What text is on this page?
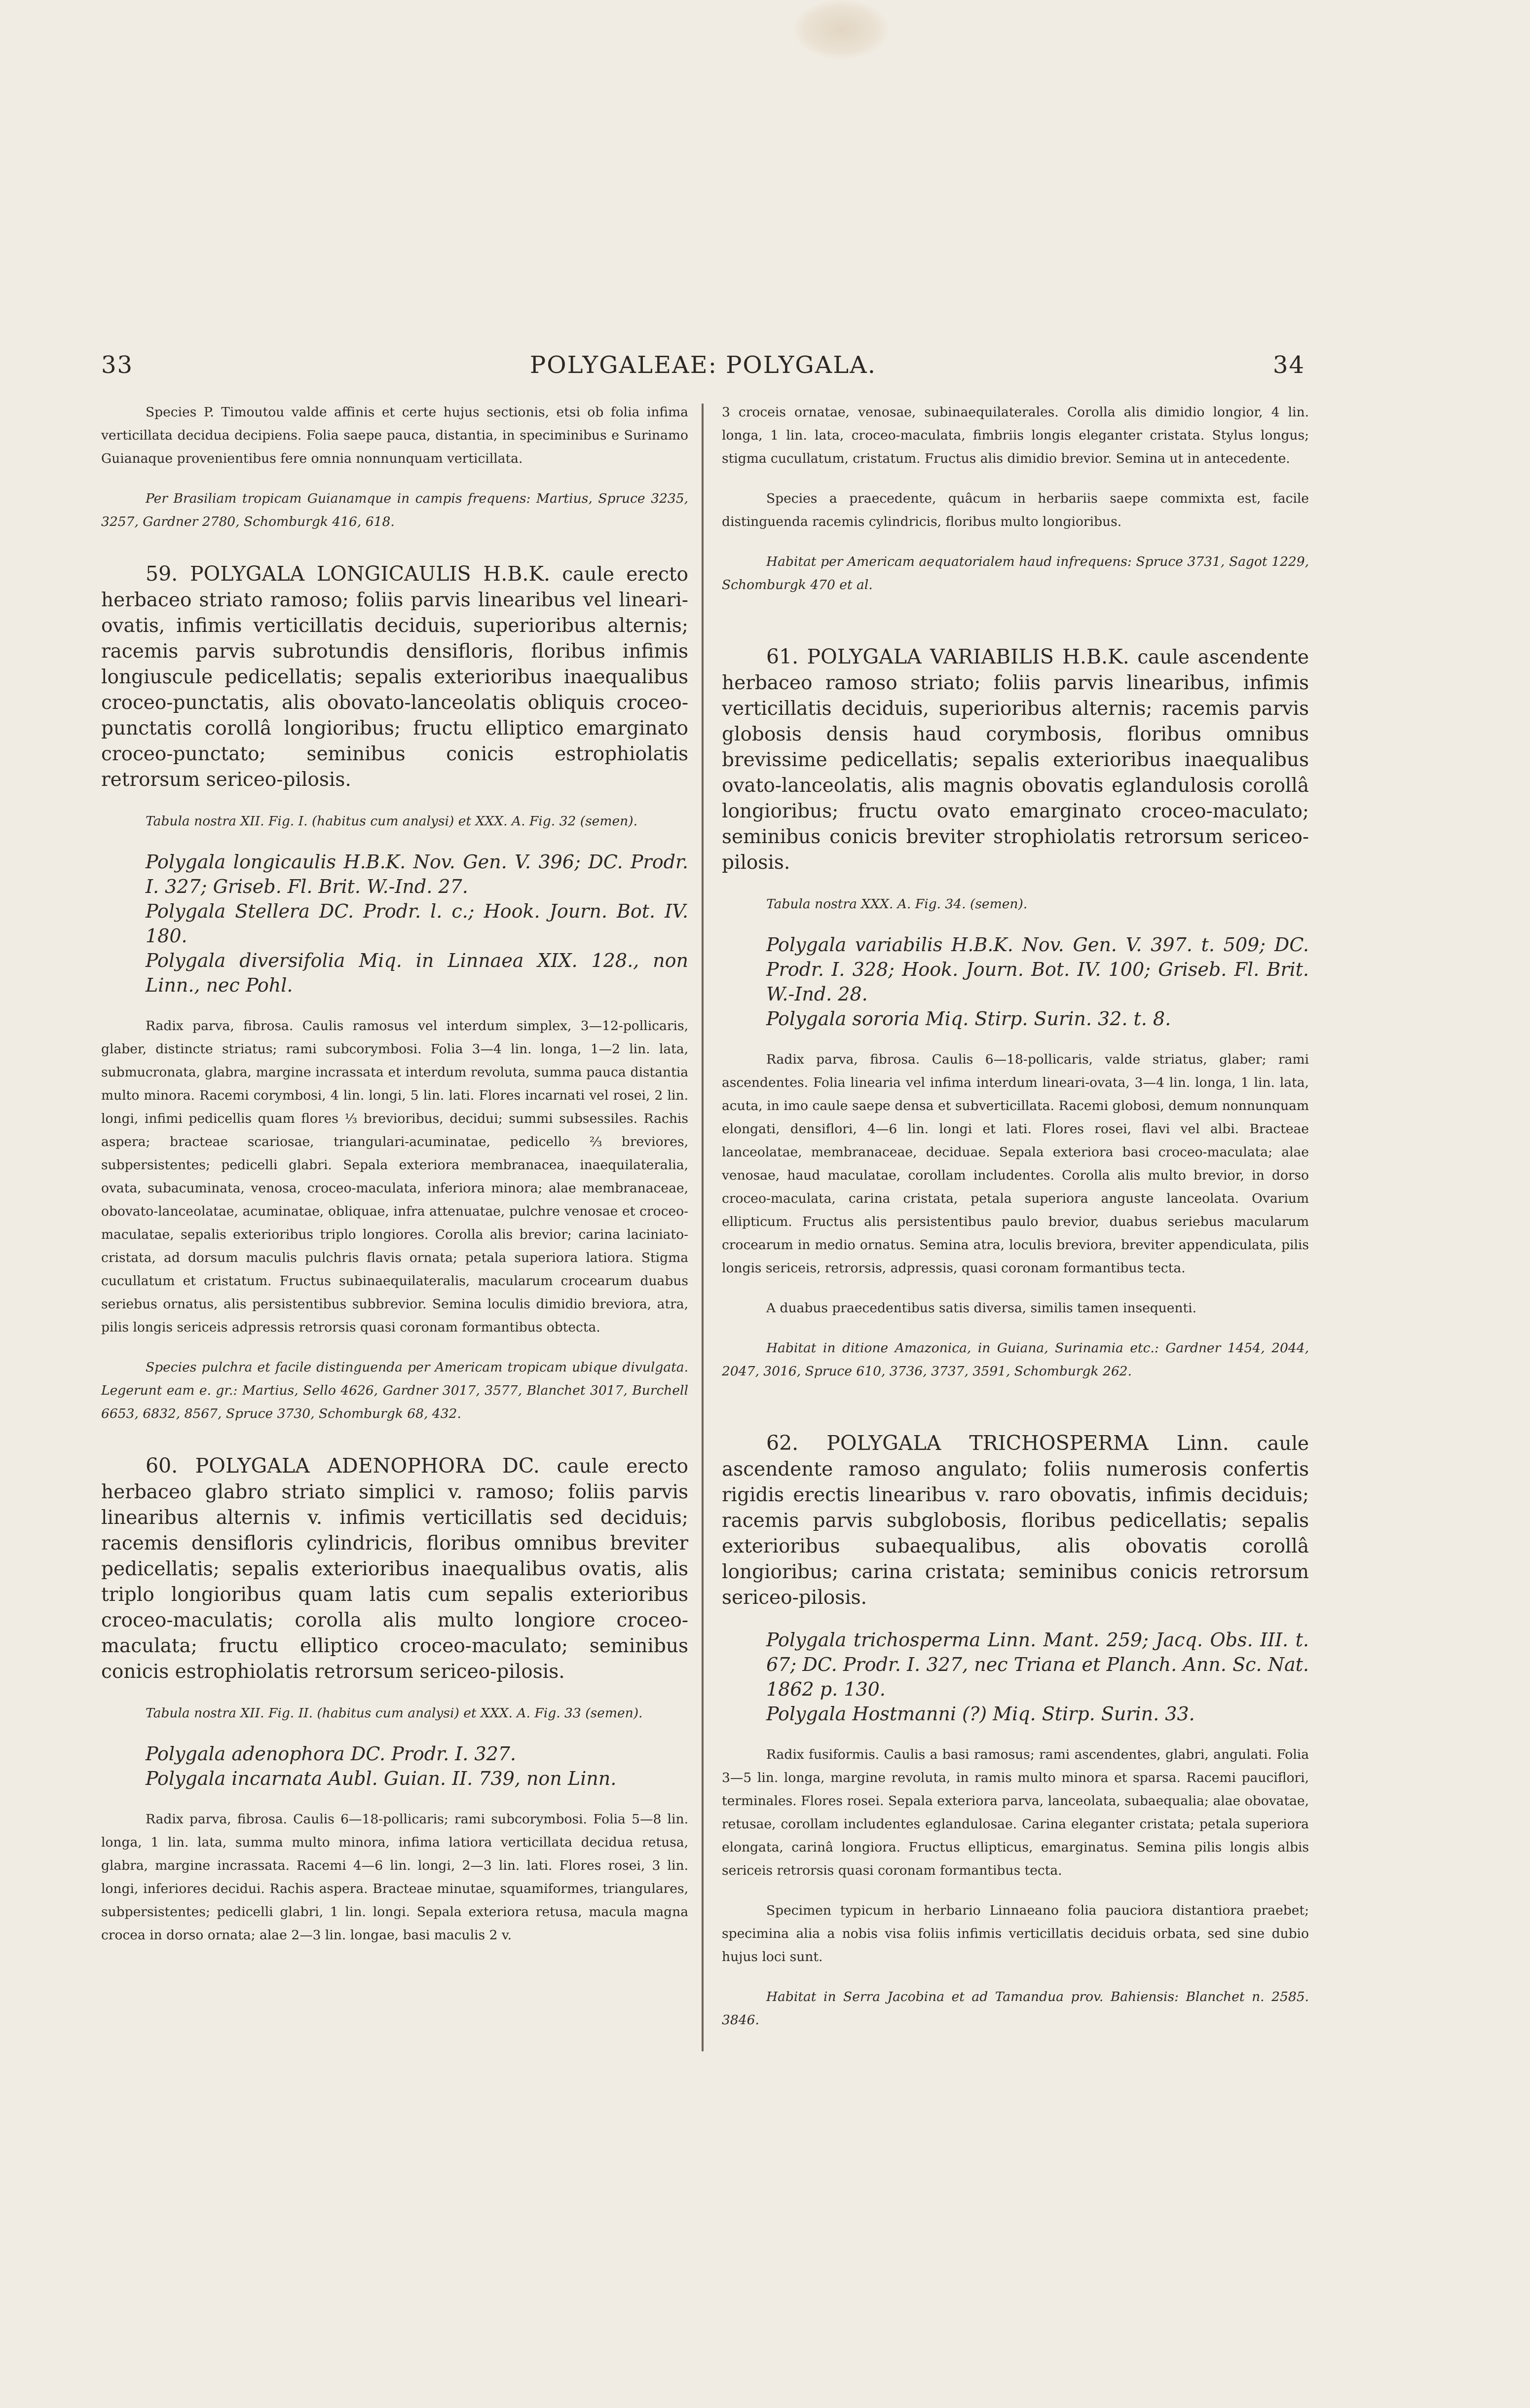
33	POLYGALEAE: POLYGALA.	34

Species P. Timoutou valde affinis et certe hujus sectionis, etsi ob folia infima verticillata decidua decipiens. Folia saepe pauca, distantia, in speciminibus e Surinamo Guianaque provenientibus fere omnia nonnunquam verticillata.

Per Brasiliam tropicam Guianamque in campis frequens: Martius, Spruce 3235, 3257, Gardner 2780, Schomburgk 416, 618.

59. POLYGALA LONGICAULIS H.B.K. caule erecto herbaceo striato ramoso; foliis parvis linearibus vel lineari-ovatis, infimis verticillatis deciduis, superioribus alternis; racemis parvis subrotundis densifloris, floribus infimis longiuscule pedicellatis; sepalis exterioribus inaequalibus croceo-punctatis, alis obovato-lanceolatis obliquis croceo-punctatis corollâ longioribus; fructu elliptico emarginato croceo-punctato; seminibus conicis estrophiolatis retrorsum sericeo-pilosis.

Tabula nostra XII. Fig. I. (habitus cum analysi) et XXX. A. Fig. 32 (semen).

Polygala longicaulis H.B.K. Nov. Gen. V. 396; DC. Prodr. I. 327; Griseb. Fl. Brit. W.-Ind. 27.

Polygala Stellera DC. Prodr. l. c.; Hook. Journ. Bot. IV. 180.

Polygala diversifolia Miq. in Linnaea XIX. 128., non Linn., nec Pohl.

Radix parva, fibrosa. Caulis ramosus vel interdum simplex, 3—12-pollicaris, glaber, distincte striatus; rami subcorymbosi. Folia 3—4 lin. longa, 1—2 lin. lata, submucronata, glabra, margine incrassata et interdum revoluta, summa pauca distantia multo minora. Racemi corymbosi, 4 lin. longi, 5 lin. lati. Flores incarnati vel rosei, 2 lin. longi, infimi pedicellis quam flores ⅓ brevioribus, decidui; summi subsessiles. Rachis aspera; bracteae scariosae, triangulari-acuminatae, pedicello ⅔ breviores, subpersistentes; pedicelli glabri. Sepala exteriora membranacea, inaequilateralia, ovata, subacuminata, venosa, croceo-maculata, inferiora minora; alae membranaceae, obovato-lanceolatae, acuminatae, obliquae, infra attenuatae, pulchre venosae et croceo-maculatae, sepalis exterioribus triplo longiores. Corolla alis brevior; carina laciniato-cristata, ad dorsum maculis pulchris flavis ornata; petala superiora latiora. Stigma cucullatum et cristatum. Fructus subinaequilateralis, macularum crocearum duabus seriebus ornatus, alis persistentibus subbrevior. Semina loculis dimidio breviora, atra, pilis longis sericeis adpressis retrorsis quasi coronam formantibus obtecta.

Species pulchra et facile distinguenda per Americam tropicam ubique divulgata. Legerunt eam e. gr.: Martius, Sello 4626, Gardner 3017, 3577, Blanchet 3017, Burchell 6653, 6832, 8567, Spruce 3730, Schomburgk 68, 432.

60. POLYGALA ADENOPHORA DC. caule erecto herbaceo glabro striato simplici v. ramoso; foliis parvis linearibus alternis v. infimis verticillatis sed deciduis; racemis densifloris cylindricis, floribus omnibus breviter pedicellatis; sepalis exterioribus inaequalibus ovatis, alis triplo longioribus quam latis cum sepalis exterioribus croceo-maculatis; corolla alis multo longiore croceo-maculata; fructu elliptico croceo-maculato; seminibus conicis estrophiolatis retrorsum sericeo-pilosis.

Tabula nostra XII. Fig. II. (habitus cum analysi) et XXX. A. Fig. 33 (semen).

Polygala adenophora DC. Prodr. I. 327.

Polygala incarnata Aubl. Guian. II. 739, non Linn.

Radix parva, fibrosa. Caulis 6—18-pollicaris; rami subcorymbosi. Folia 5—8 lin. longa, 1 lin. lata, summa multo minora, infima latiora verticillata decidua retusa, glabra, margine incrassata. Racemi 4—6 lin. longi, 2—3 lin. lati. Flores rosei, 3 lin. longi, inferiores decidui. Rachis aspera. Bracteae minutae, squamiformes, triangulares, subpersistentes; pedicelli glabri, 1 lin. longi. Sepala exteriora retusa, macula magna crocea in dorso ornata; alae 2—3 lin. longae, basi maculis 2 v.

3 croceis ornatae, venosae, subinaequilaterales. Corolla alis dimidio longior, 4 lin. longa, 1 lin. lata, croceo-maculata, fimbriis longis eleganter cristata. Stylus longus; stigma cucullatum, cristatum. Fructus alis dimidio brevior. Semina ut in antecedente.

Species a praecedente, quâcum in herbariis saepe commixta est, facile distinguenda racemis cylindricis, floribus multo longioribus.

Habitat per Americam aequatorialem haud infrequens: Spruce 3731, Sagot 1229, Schomburgk 470 et al.

61. POLYGALA VARIABILIS H.B.K. caule ascendente herbaceo ramoso striato; foliis parvis linearibus, infimis verticillatis deciduis, superioribus alternis; racemis parvis globosis densis haud corymbosis, floribus omnibus brevissime pedicellatis; sepalis exterioribus inaequalibus ovato-lanceolatis, alis magnis obovatis eglandulosis corollâ longioribus; fructu ovato emarginato croceo-maculato; seminibus conicis breviter strophiolatis retrorsum sericeo-pilosis.

Tabula nostra XXX. A. Fig. 34. (semen).

Polygala variabilis H.B.K. Nov. Gen. V. 397. t. 509; DC. Prodr. I. 328; Hook. Journ. Bot. IV. 100; Griseb. Fl. Brit. W.-Ind. 28.

Polygala sororia Miq. Stirp. Surin. 32. t. 8.

Radix parva, fibrosa. Caulis 6—18-pollicaris, valde striatus, glaber; rami ascendentes. Folia linearia vel infima interdum lineari-ovata, 3—4 lin. longa, 1 lin. lata, acuta, in imo caule saepe densa et subverticillata. Racemi globosi, demum nonnunquam elongati, densiflori, 4—6 lin. longi et lati. Flores rosei, flavi vel albi. Bracteae lanceolatae, membranaceae, deciduae. Sepala exteriora basi croceo-maculata; alae venosae, haud maculatae, corollam includentes. Corolla alis multo brevior, in dorso croceo-maculata, carina cristata, petala superiora anguste lanceolata. Ovarium ellipticum. Fructus alis persistentibus paulo brevior, duabus seriebus macularum crocearum in medio ornatus. Semina atra, loculis breviora, breviter appendiculata, pilis longis sericeis, retrorsis, adpressis, quasi coronam formantibus tecta.

A duabus praecedentibus satis diversa, similis tamen insequenti.

Habitat in ditione Amazonica, in Guiana, Surinamia etc.: Gardner 1454, 2044, 2047, 3016, Spruce 610, 3736, 3737, 3591, Schomburgk 262.

62. POLYGALA TRICHOSPERMA Linn. caule ascendente ramoso angulato; foliis numerosis confertis rigidis erectis linearibus v. raro obovatis, infimis deciduis; racemis parvis subglobosis, floribus pedicellatis; sepalis exterioribus subaequalibus, alis obovatis corollâ longioribus; carina cristata; seminibus conicis retrorsum sericeo-pilosis.

Polygala trichosperma Linn. Mant. 259; Jacq. Obs. III. t. 67; DC. Prodr. I. 327, nec Triana et Planch. Ann. Sc. Nat. 1862 p. 130.

Polygala Hostmanni (?) Miq. Stirp. Surin. 33.

Radix fusiformis. Caulis a basi ramosus; rami ascendentes, glabri, angulati. Folia 3—5 lin. longa, margine revoluta, in ramis multo minora et sparsa. Racemi pauciflori, terminales. Flores rosei. Sepala exteriora parva, lanceolata, subaequalia; alae obovatae, retusae, corollam includentes eglandulosae. Carina eleganter cristata; petala superiora elongata, carinâ longiora. Fructus ellipticus, emarginatus. Semina pilis longis albis sericeis retrorsis quasi coronam formantibus tecta.

Specimen typicum in herbario Linnaeano folia pauciora distantiora praebet; specimina alia a nobis visa foliis infimis verticillatis deciduis orbata, sed sine dubio hujus loci sunt.

Habitat in Serra Jacobina et ad Tamandua prov. Bahiensis: Blanchet n. 2585. 3846.
